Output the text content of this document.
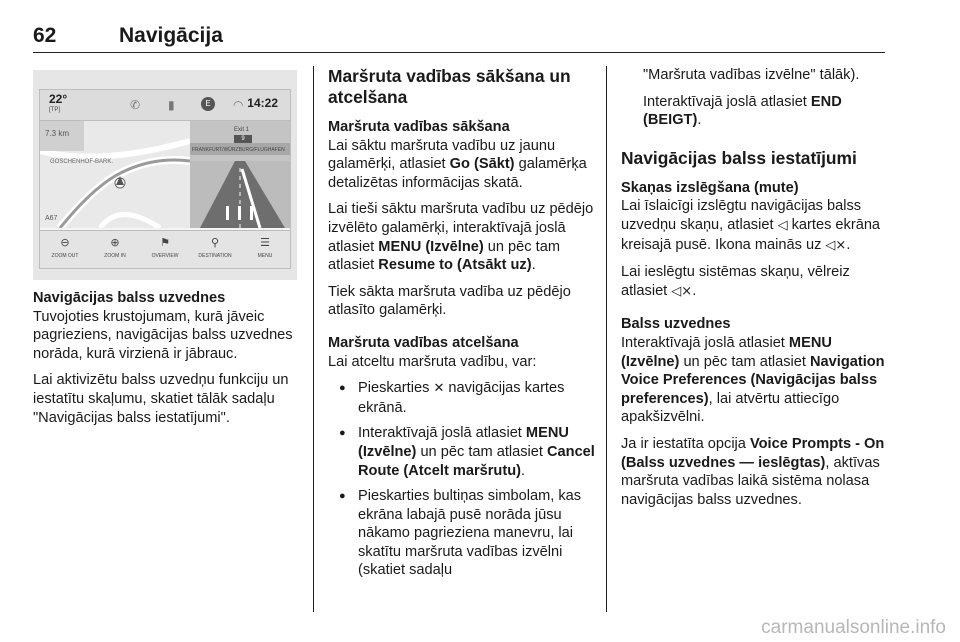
62	Navigācija
22°
[TP]	✆ ▮	E	◠ 14:22
7.3 km
GOSCHENHOF-BARK.
A67
Exit 1
9
FRANKFURT/WÜRZBURG/FLUGHAFEN
⊖
ZOOM OUT
⊕
ZOOM IN
⚑
OVERVIEW
⚲
DESTINATION
☰
MENU
Navigācijas balss uzvednes

Tuvojoties krustojumam, kurā jāveic pagrieziens, navigācijas balss uzvednes norāda, kurā virzienā ir jābrauc.

Lai aktivizētu balss uzvedņu funkciju un iestatītu skaļumu, skatiet tālāk sadaļu "Navigācijas balss iestatījumi".

Maršruta vadības sākšana un atcelšana
Maršruta vadības sākšana

Lai sāktu maršruta vadību uz jaunu galamērķi, atlasiet Go (Sākt) galamērķa detalizētas informācijas skatā.

Lai tieši sāktu maršruta vadību uz pēdējo izvēlēto galamērķi, interaktīvajā joslā atlasiet MENU (Izvēlne) un pēc tam atlasiet Resume to (Atsākt uz).

Tiek sākta maršruta vadība uz pēdējo atlasīto galamērķi.

Maršruta vadības atcelšana

Lai atceltu maršruta vadību, var:

● Pieskarties ✕ navigācijas kartes ekrānā.
● Interaktīvajā joslā atlasiet MENU (Izvēlne) un pēc tam atlasiet Cancel Route (Atcelt maršrutu).
● Pieskarties bultiņas simbolam, kas ekrāna labajā pusē norāda jūsu nākamo pagrieziena manevru, lai skatītu maršruta vadības izvēlni (skatiet sadaļu

"Maršruta vadības izvēlne" tālāk).

Interaktīvajā joslā atlasiet END (BEIGT).

Navigācijas balss iestatījumi
Skaņas izslēgšana (mute)

Lai īslaicīgi izslēgtu navigācijas balss uzvedņu skaņu, atlasiet ◁ kartes ekrāna kreisajā pusē. Ikona mainās uz ◁×.

Lai ieslēgtu sistēmas skaņu, vēlreiz atlasiet ◁×.

Balss uzvednes

Interaktīvajā joslā atlasiet MENU (Izvēlne) un pēc tam atlasiet Navigation Voice Preferences (Navigācijas balss preferences), lai atvērtu attiecīgo apakšizvēlni.

Ja ir iestatīta opcija Voice Prompts - On (Balss uzvednes — ieslēgtas), aktīvas maršruta vadības laikā sistēma nolasa navigācijas balss uzvednes.

carmanualsonline.info
